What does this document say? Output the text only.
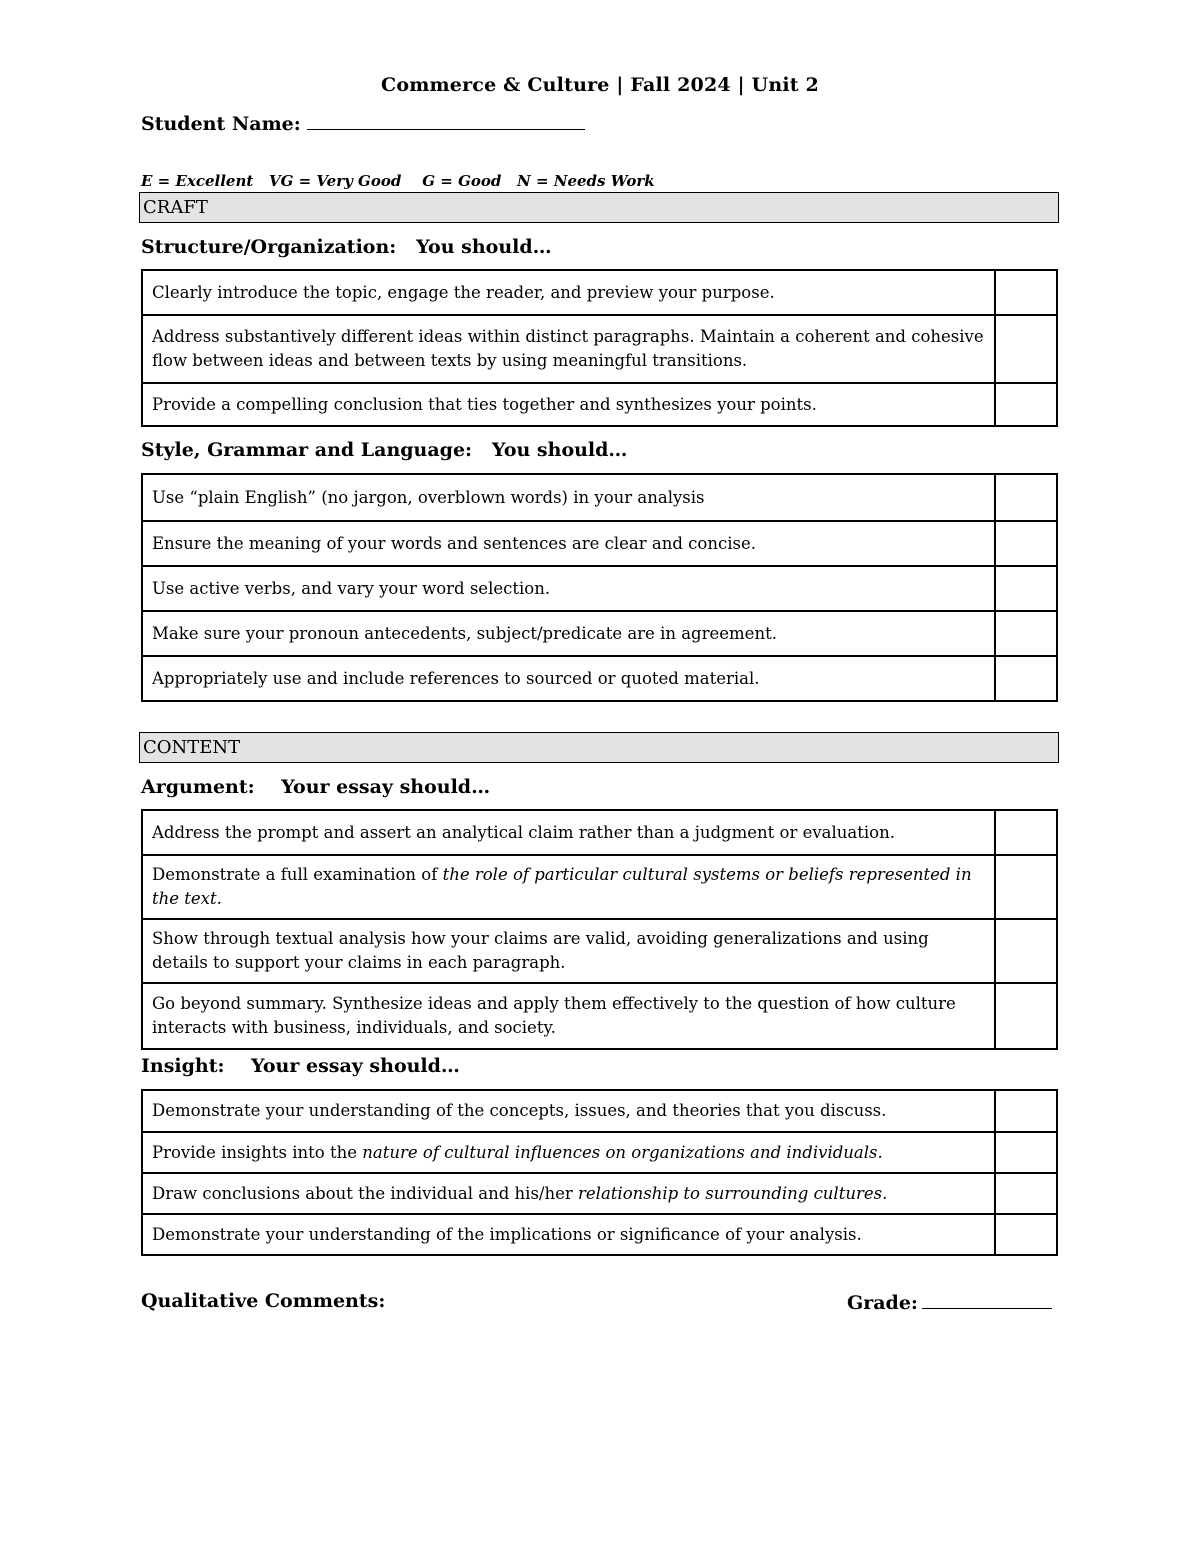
Commerce & Culture | Fall 2024 | Unit 2
Student Name:
E = Excellent   VG = Very Good    G = Good   N = Needs Work
CRAFT
Structure/Organization:   You should…
Clearly introduce the topic, engage the reader, and preview your purpose.	
Address substantively different ideas within distinct paragraphs. Maintain a coherent and cohesive flow between ideas and between texts by using meaningful transitions.	
Provide a compelling conclusion that ties together and synthesizes your points.	
Style, Grammar and Language:   You should…
Use “plain English” (no jargon, overblown words) in your analysis	
Ensure the meaning of your words and sentences are clear and concise.	
Use active verbs, and vary your word selection.	
Make sure your pronoun antecedents, subject/predicate are in agreement.	
Appropriately use and include references to sourced or quoted material.	
CONTENT
Argument:    Your essay should…
Address the prompt and assert an analytical claim rather than a judgment or evaluation.	
Demonstrate a full examination of the role of particular cultural systems or beliefs represented in the text.	
Show through textual analysis how your claims are valid, avoiding generalizations and using details to support your claims in each paragraph.	
Go beyond summary. Synthesize ideas and apply them effectively to the question of how culture interacts with business, individuals, and society.	
Insight:    Your essay should…
Demonstrate your understanding of the concepts, issues, and theories that you discuss.	
Provide insights into the nature of cultural influences on organizations and individuals.	
Draw conclusions about the individual and his/her relationship to surrounding cultures.	
Demonstrate your understanding of the implications or significance of your analysis.	
Qualitative Comments:	Grade:
